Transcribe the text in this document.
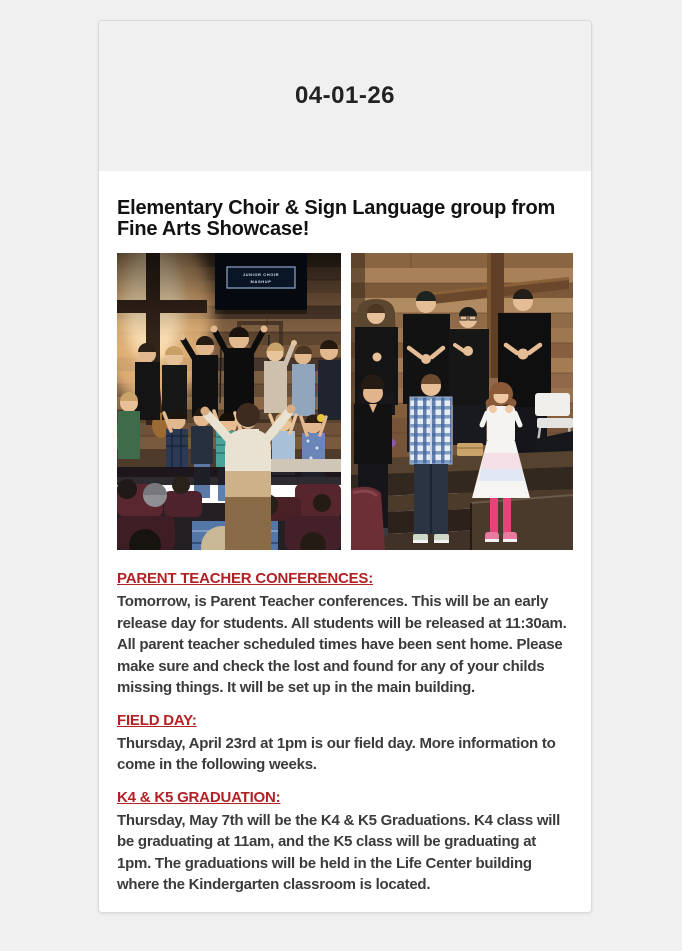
04-01-26
Elementary Choir & Sign Language group from Fine Arts Showcase!
JUNIOR CHOIR
MASHUP
PARENT TEACHER CONFERENCES:

Tomorrow, is Parent Teacher conferences. This will be an early release day for students. All students will be released at 11:30am. All parent teacher scheduled times have been sent home. Please make sure and check the lost and found for any of your childs missing things. It will be set up in the main building.

FIELD DAY:

Thursday, April 23rd at 1pm is our field day. More information to come in the following weeks.

K4 & K5 GRADUATION:

Thursday, May 7th will be the K4 & K5 Graduations. K4 class will be graduating at 11am, and the K5 class will be graduating at 1pm. The graduations will be held in the Life Center building where the Kindergarten classroom is located.
